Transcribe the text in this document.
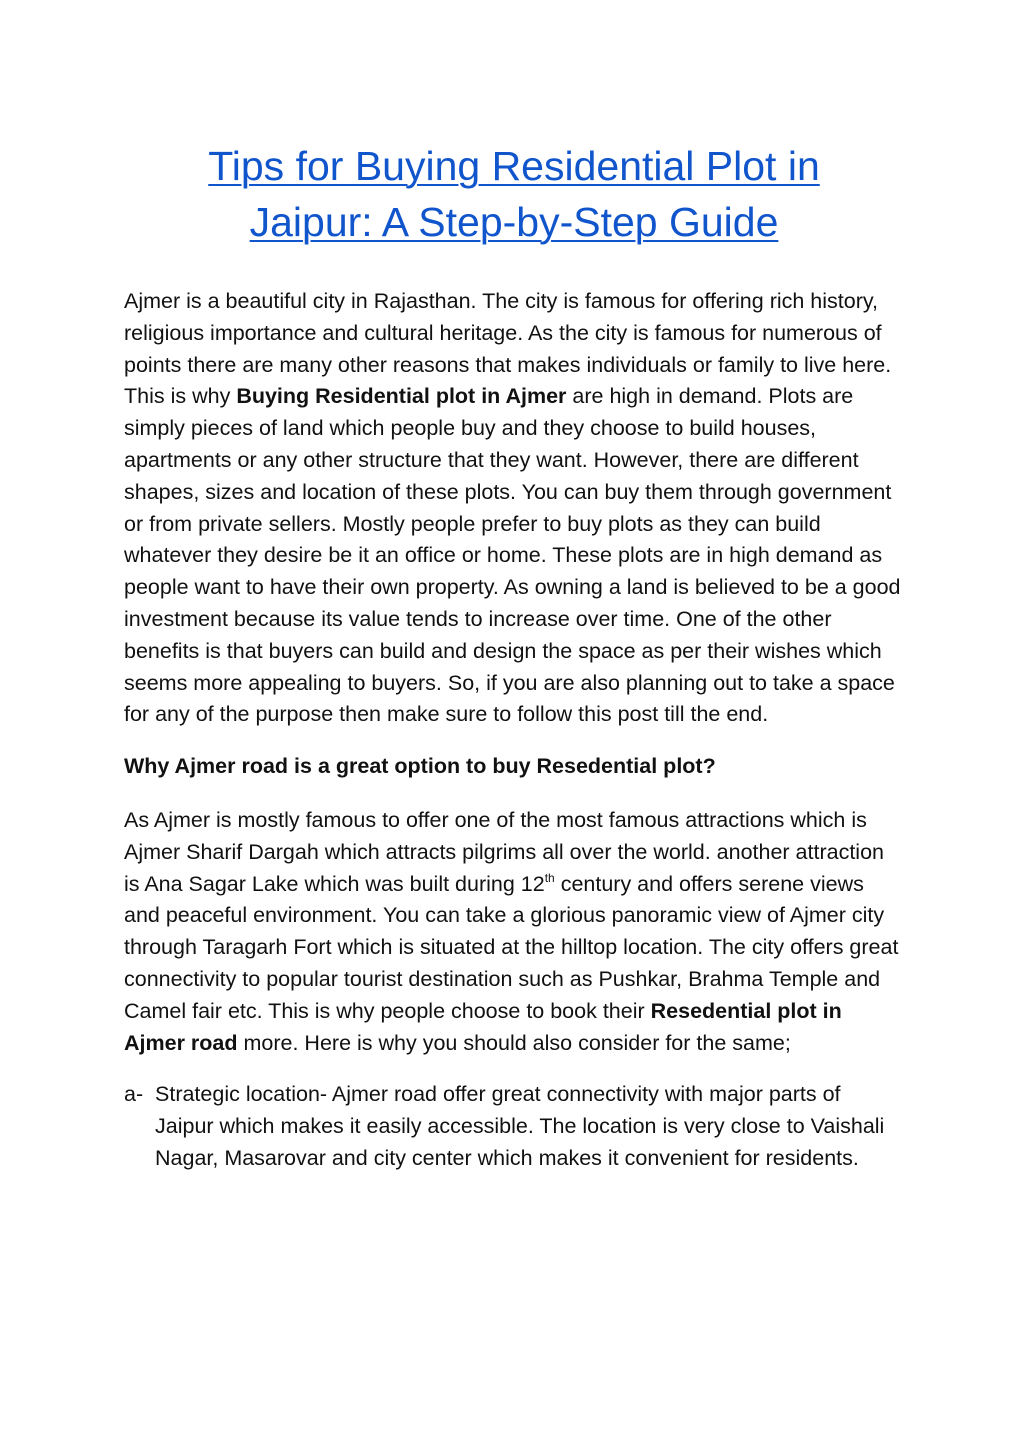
Tips for Buying Residential Plot in
Jaipur: A Step-by-Step Guide

Ajmer is a beautiful city in Rajasthan. The city is famous for offering rich history, religious importance and cultural heritage. As the city is famous for numerous of points there are many other reasons that makes individuals or family to live here. This is why Buying Residential plot in Ajmer are high in demand. Plots are simply pieces of land which people buy and they choose to build houses, apartments or any other structure that they want. However, there are different shapes, sizes and location of these plots. You can buy them through government or from private sellers. Mostly people prefer to buy plots as they can build whatever they desire be it an office or home. These plots are in high demand as people want to have their own property. As owning a land is believed to be a good investment because its value tends to increase over time. One of the other benefits is that buyers can build and design the space as per their wishes which seems more appealing to buyers. So, if you are also planning out to take a space for any of the purpose then make sure to follow this post till the end.

Why Ajmer road is a great option to buy Resedential plot?

As Ajmer is mostly famous to offer one of the most famous attractions which is Ajmer Sharif Dargah which attracts pilgrims all over the world. another attraction is Ana Sagar Lake which was built during 12th century and offers serene views and peaceful environment. You can take a glorious panoramic view of Ajmer city through Taragarh Fort which is situated at the hilltop location. The city offers great connectivity to popular tourist destination such as Pushkar, Brahma Temple and Camel fair etc. This is why people choose to book their Resedential plot in Ajmer road more. Here is why you should also consider for the same;

a- Strategic location- Ajmer road offer great connectivity with major parts of Jaipur which makes it easily accessible. The location is very close to Vaishali Nagar, Masarovar and city center which makes it convenient for residents.
